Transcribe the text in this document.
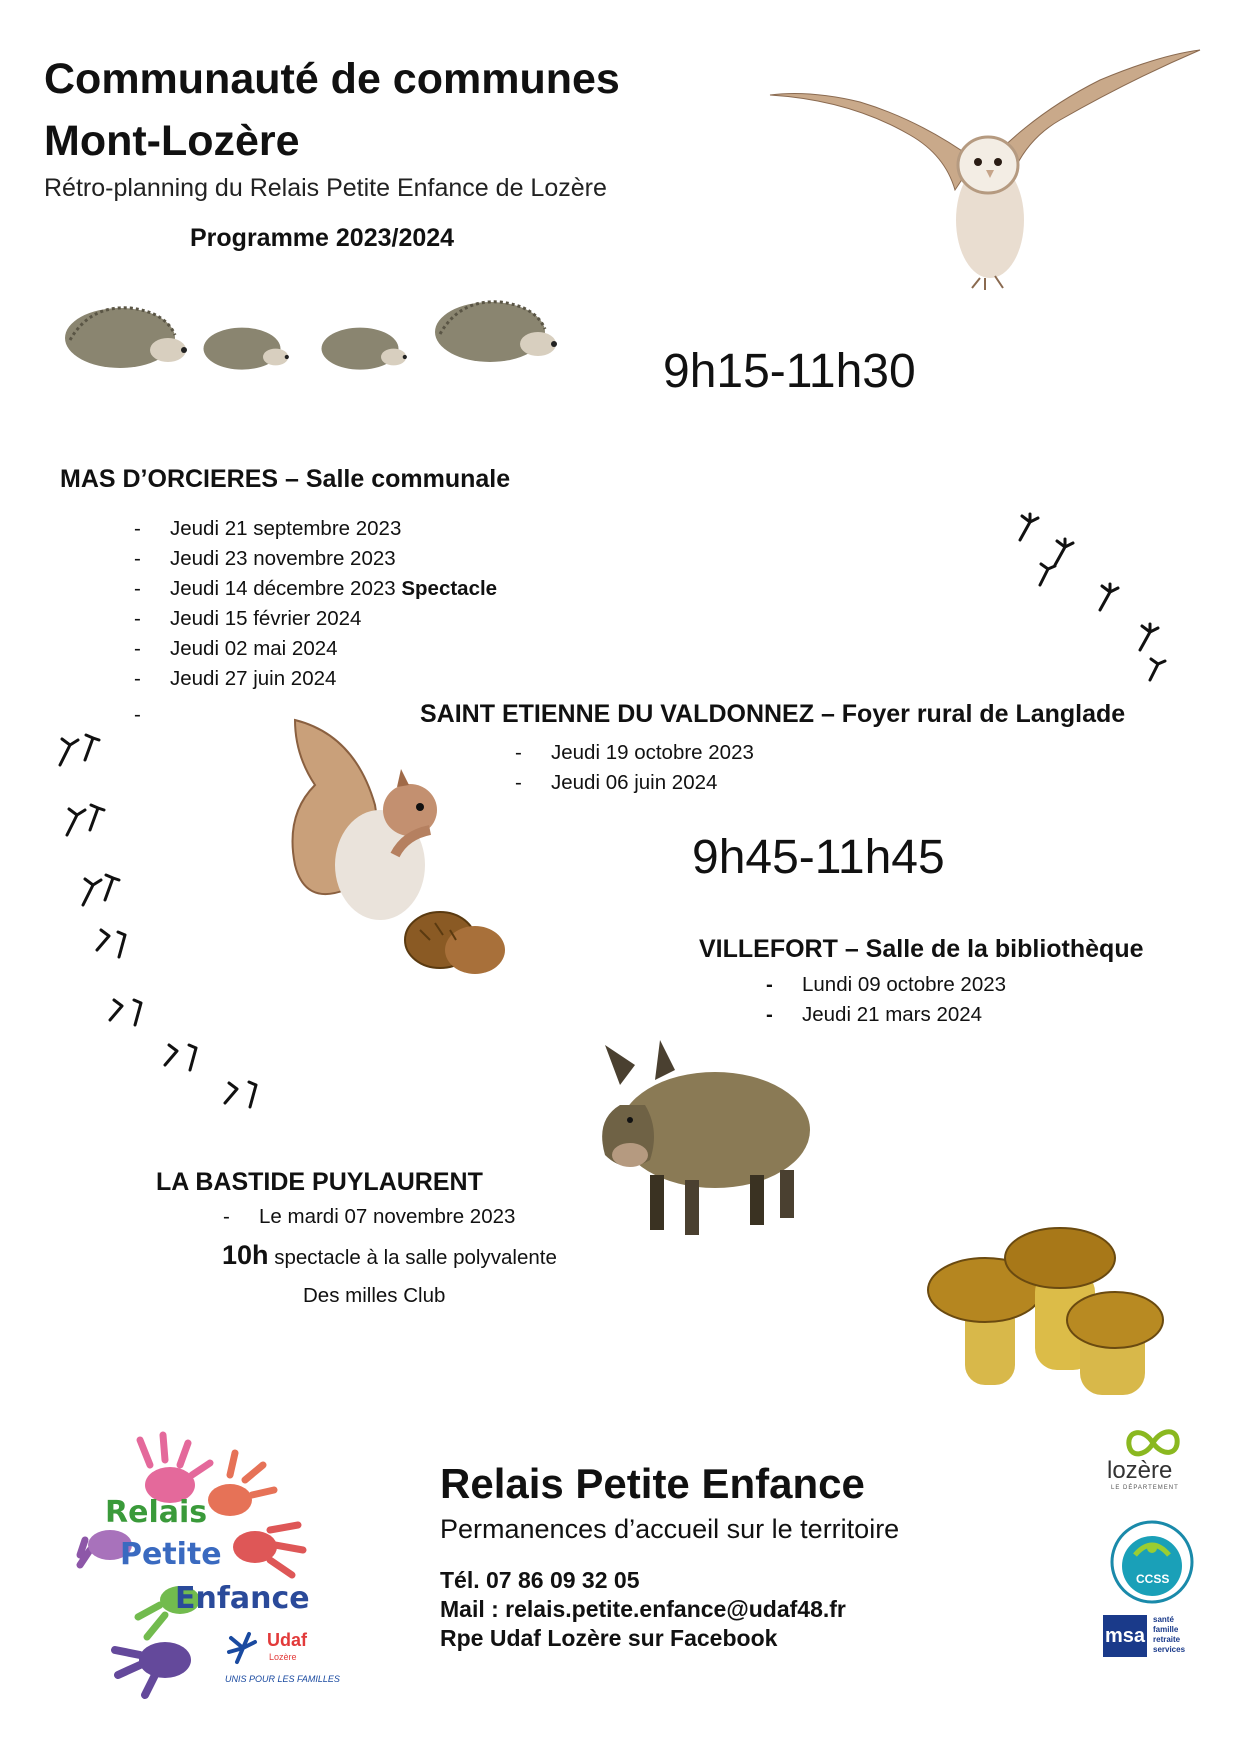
Communauté de communes
Mont-Lozère
Rétro-planning du Relais Petite Enfance de Lozère
Programme 2023/2024
9h15-11h30
MAS D’ORCIERES – Salle communale
- Jeudi 21 septembre 2023
- Jeudi 23 novembre 2023
- Jeudi 14 décembre 2023 Spectacle
- Jeudi 15 février 2024
- Jeudi 02 mai 2024
- Jeudi 27 juin 2024
-	SAINT ETIENNE DU VALDONNEZ – Foyer rural de Langlade
- Jeudi 19 octobre 2023
- Jeudi 06 juin 2024
9h45-11h45
VILLEFORT – Salle de la bibliothèque
- Lundi 09 octobre 2023
- Jeudi 21 mars 2024
LA BASTIDE PUYLAURENT
- Le mardi 07 novembre 2023
10h spectacle à la salle polyvalente
Des milles Club
Relais
Petite
Enfance
Udaf
Lozère
UNIS POUR LES FAMILLES
Relais Petite Enfance
Permanences d’accueil sur le territoire
Tél. 07 86 09 32 05
Mail : relais.petite.enfance@udaf48.fr
Rpe Udaf Lozère sur Facebook
lozère
LE DÉPARTEMENT
CCSS
msa
santé
famille
retraite
services
